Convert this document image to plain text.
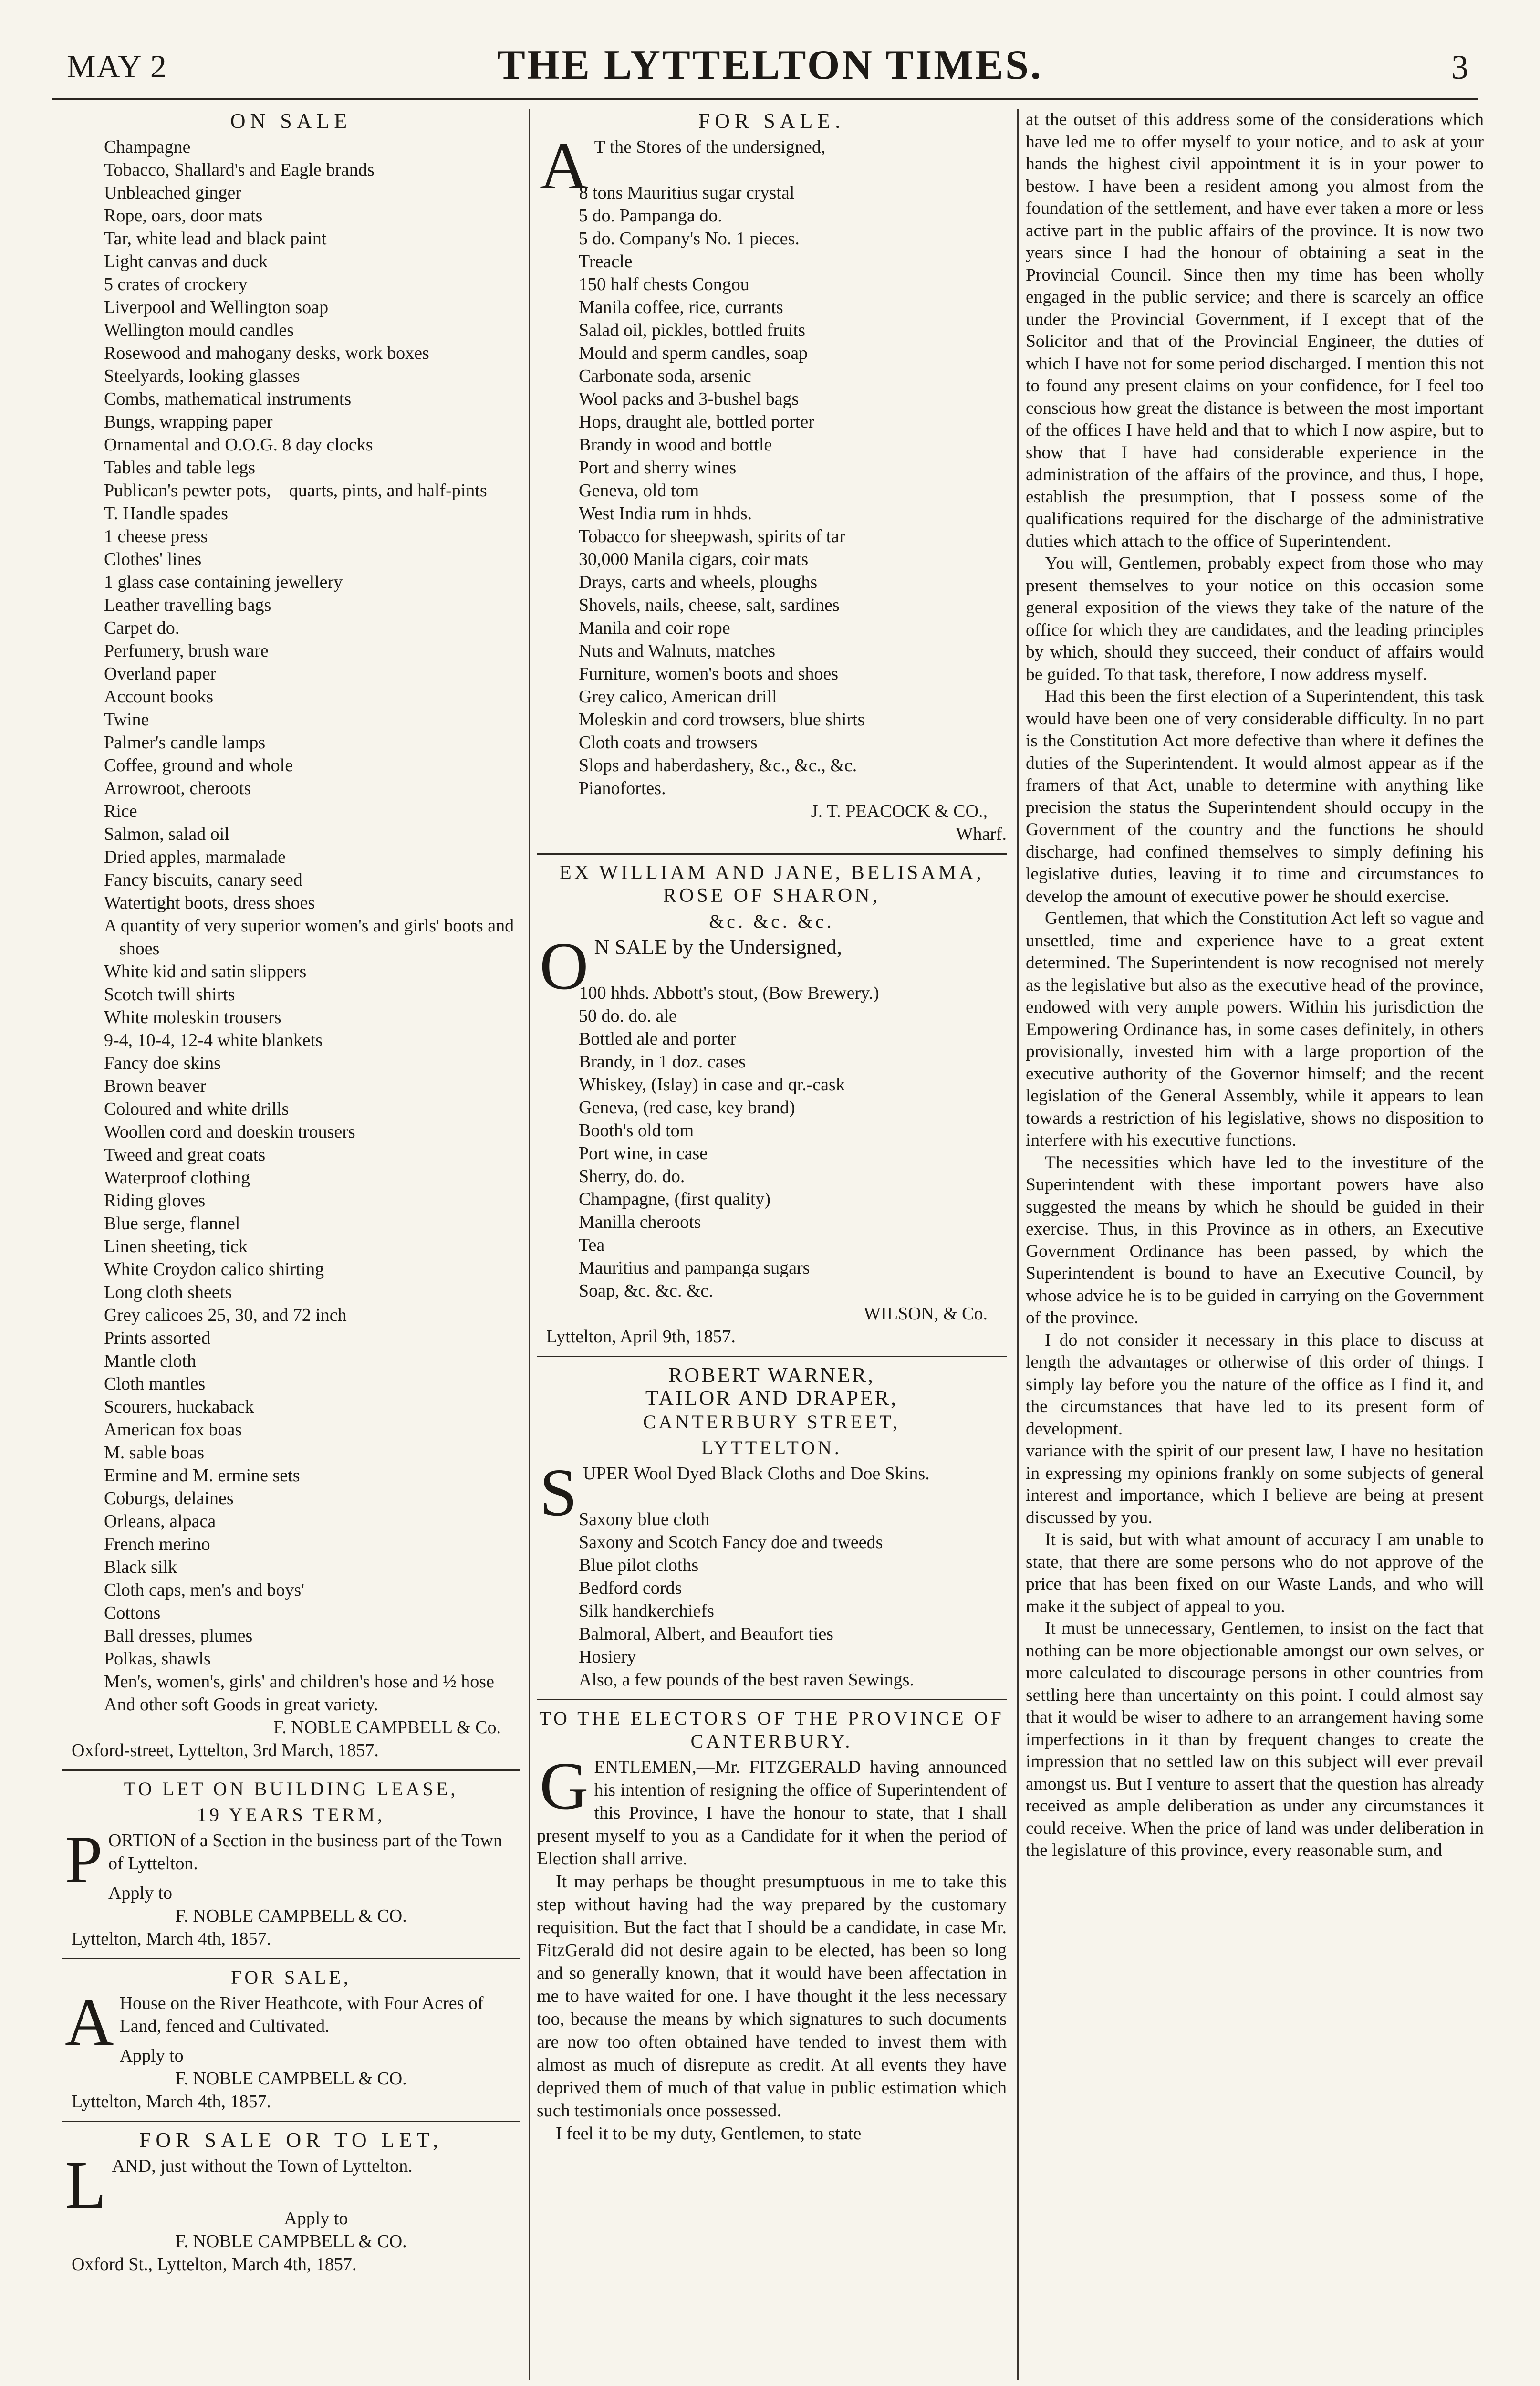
MAY 2	THE LYTTELTON TIMES.	3
ON SALE
Champagne
Tobacco, Shallard's and Eagle brands
Unbleached ginger
Rope, oars, door mats
Tar, white lead and black paint
Light canvas and duck
5 crates of crockery
Liverpool and Wellington soap
Wellington mould candles
Rosewood and mahogany desks, work boxes
Steelyards, looking glasses
Combs, mathematical instruments
Bungs, wrapping paper
Ornamental and O.O.G. 8 day clocks
Tables and table legs
Publican's pewter pots,—quarts, pints, and half-pints
T. Handle spades
1 cheese press
Clothes' lines
1 glass case containing jewellery
Leather travelling bags
Carpet do.
Perfumery, brush ware
Overland paper
Account books
Twine
Palmer's candle lamps
Coffee, ground and whole
Arrowroot, cheroots
Rice
Salmon, salad oil
Dried apples, marmalade
Fancy biscuits, canary seed
Watertight boots, dress shoes
A quantity of very superior women's and girls' boots and shoes
White kid and satin slippers
Scotch twill shirts
White moleskin trousers
9-4, 10-4, 12-4 white blankets
Fancy doe skins
Brown beaver
Coloured and white drills
Woollen cord and doeskin trousers
Tweed and great coats
Waterproof clothing
Riding gloves
Blue serge, flannel
Linen sheeting, tick
White Croydon calico shirting
Long cloth sheets
Grey calicoes 25, 30, and 72 inch
Prints assorted
Mantle cloth
Cloth mantles
Scourers, huckaback
American fox boas
M. sable boas
Ermine and M. ermine sets
Coburgs, delaines
Orleans, alpaca
French merino
Black silk
Cloth caps, men's and boys'
Cottons
Ball dresses, plumes
Polkas, shawls
Men's, women's, girls' and children's hose and ½ hose
And other soft Goods in great variety.
F. NOBLE CAMPBELL & Co.
Oxford-street, Lyttelton, 3rd March, 1857.
TO LET ON BUILDING LEASE,
19 YEARS TERM,
P ORTION of a Section in the business part of the Town of Lyttelton.
Apply to
F. NOBLE CAMPBELL & CO.
Lyttelton, March 4th, 1857.
FOR SALE,
A House on the River Heathcote, with Four Acres of Land, fenced and Cultivated.
Apply to
F. NOBLE CAMPBELL & CO.
Lyttelton, March 4th, 1857.
FOR SALE OR TO LET,
L AND, just without the Town of Lyttelton.
Apply to
F. NOBLE CAMPBELL & CO.
Oxford St., Lyttelton, March 4th, 1857.
FOR SALE.
A T the Stores of the undersigned,
8 tons Mauritius sugar crystal
5 do. Pampanga do.
5 do. Company's No. 1 pieces.
Treacle
150 half chests Congou
Manila coffee, rice, currants
Salad oil, pickles, bottled fruits
Mould and sperm candles, soap
Carbonate soda, arsenic
Wool packs and 3-bushel bags
Hops, draught ale, bottled porter
Brandy in wood and bottle
Port and sherry wines
Geneva, old tom
West India rum in hhds.
Tobacco for sheepwash, spirits of tar
30,000 Manila cigars, coir mats
Drays, carts and wheels, ploughs
Shovels, nails, cheese, salt, sardines
Manila and coir rope
Nuts and Walnuts, matches
Furniture, women's boots and shoes
Grey calico, American drill
Moleskin and cord trowsers, blue shirts
Cloth coats and trowsers
Slops and haberdashery, &c., &c., &c.
Pianofortes.
J. T. PEACOCK & CO.,
Wharf.
EX WILLIAM AND JANE, BELISAMA, ROSE OF SHARON,
&c. &c. &c.
O N SALE by the Undersigned,
100 hhds. Abbott's stout, (Bow Brewery.)
50 do. do. ale
Bottled ale and porter
Brandy, in 1 doz. cases
Whiskey, (Islay) in case and qr.-cask
Geneva, (red case, key brand)
Booth's old tom
Port wine, in case
Sherry, do. do.
Champagne, (first quality)
Manilla cheroots
Tea
Mauritius and pampanga sugars
Soap, &c. &c. &c.
WILSON, & Co.
Lyttelton, April 9th, 1857.
ROBERT WARNER,
TAILOR AND DRAPER,
CANTERBURY STREET,
LYTTELTON.
S UPER Wool Dyed Black Cloths and Doe Skins.
Saxony blue cloth
Saxony and Scotch Fancy doe and tweeds
Blue pilot cloths
Bedford cords
Silk handkerchiefs
Balmoral, Albert, and Beaufort ties
Hosiery
Also, a few pounds of the best raven Sewings.
TO THE ELECTORS OF THE PROVINCE OF CANTERBURY.
G ENTLEMEN,—Mr. FITZGERALD having announced his intention of resigning the office of Superintendent of this Province, I have the honour to state, that I shall present myself to you as a Candidate for it when the period of Election shall arrive.
It may perhaps be thought presumptuous in me to take this step without having had the way prepared by the customary requisition. But the fact that I should be a candidate, in case Mr. FitzGerald did not desire again to be elected, has been so long and so generally known, that it would have been affectation in me to have waited for one. I have thought it the less necessary too, because the means by which signatures to such documents are now too often obtained have tended to invest them with almost as much of disrepute as credit. At all events they have deprived them of much of that value in public estimation which such testimonials once possessed.
I feel it to be my duty, Gentlemen, to state
at the outset of this address some of the considerations which have led me to offer myself to your notice, and to ask at your hands the highest civil appointment it is in your power to bestow. I have been a resident among you almost from the foundation of the settlement, and have ever taken a more or less active part in the public affairs of the province. It is now two years since I had the honour of obtaining a seat in the Provincial Council. Since then my time has been wholly engaged in the public service; and there is scarcely an office under the Provincial Government, if I except that of the Solicitor and that of the Provincial Engineer, the duties of which I have not for some period discharged. I mention this not to found any present claims on your confidence, for I feel too conscious how great the distance is between the most important of the offices I have held and that to which I now aspire, but to show that I have had considerable experience in the administration of the affairs of the province, and thus, I hope, establish the presumption, that I possess some of the qualifications required for the discharge of the administrative duties which attach to the office of Superintendent.
You will, Gentlemen, probably expect from those who may present themselves to your notice on this occasion some general exposition of the views they take of the nature of the office for which they are candidates, and the leading principles by which, should they succeed, their conduct of affairs would be guided. To that task, therefore, I now address myself.
Had this been the first election of a Superintendent, this task would have been one of very considerable difficulty. In no part is the Constitution Act more defective than where it defines the duties of the Superintendent. It would almost appear as if the framers of that Act, unable to determine with anything like precision the status the Superintendent should occupy in the Government of the country and the functions he should discharge, had confined themselves to simply defining his legislative duties, leaving it to time and circumstances to develop the amount of executive power he should exercise.
Gentlemen, that which the Constitution Act left so vague and unsettled, time and experience have to a great extent determined. The Superintendent is now recognised not merely as the legislative but also as the executive head of the province, endowed with very ample powers. Within his jurisdiction the Empowering Ordinance has, in some cases definitely, in others provisionally, invested him with a large proportion of the executive authority of the Governor himself; and the recent legislation of the General Assembly, while it appears to lean towards a restriction of his legislative, shows no disposition to interfere with his executive functions.
The necessities which have led to the investiture of the Superintendent with these important powers have also suggested the means by which he should be guided in their exercise. Thus, in this Province as in others, an Executive Government Ordinance has been passed, by which the Superintendent is bound to have an Executive Council, by whose advice he is to be guided in carrying on the Government of the province.
I do not consider it necessary in this place to discuss at length the advantages or otherwise of this order of things. I simply lay before you the nature of the office as I find it, and the circumstances that have led to its present form of development.
variance with the spirit of our present law, I have no hesitation in expressing my opinions frankly on some subjects of general interest and importance, which I believe are being at present discussed by you.
It is said, but with what amount of accuracy I am unable to state, that there are some persons who do not approve of the price that has been fixed on our Waste Lands, and who will make it the subject of appeal to you.
It must be unnecessary, Gentlemen, to insist on the fact that nothing can be more objectionable amongst our own selves, or more calculated to discourage persons in other countries from settling here than uncertainty on this point. I could almost say that it would be wiser to adhere to an arrangement having some imperfections in it than by frequent changes to create the impression that no settled law on this subject will ever prevail amongst us. But I venture to assert that the question has already received as ample deliberation as under any circumstances it could receive. When the price of land was under deliberation in the legislature of this province, every reasonable sum, and
